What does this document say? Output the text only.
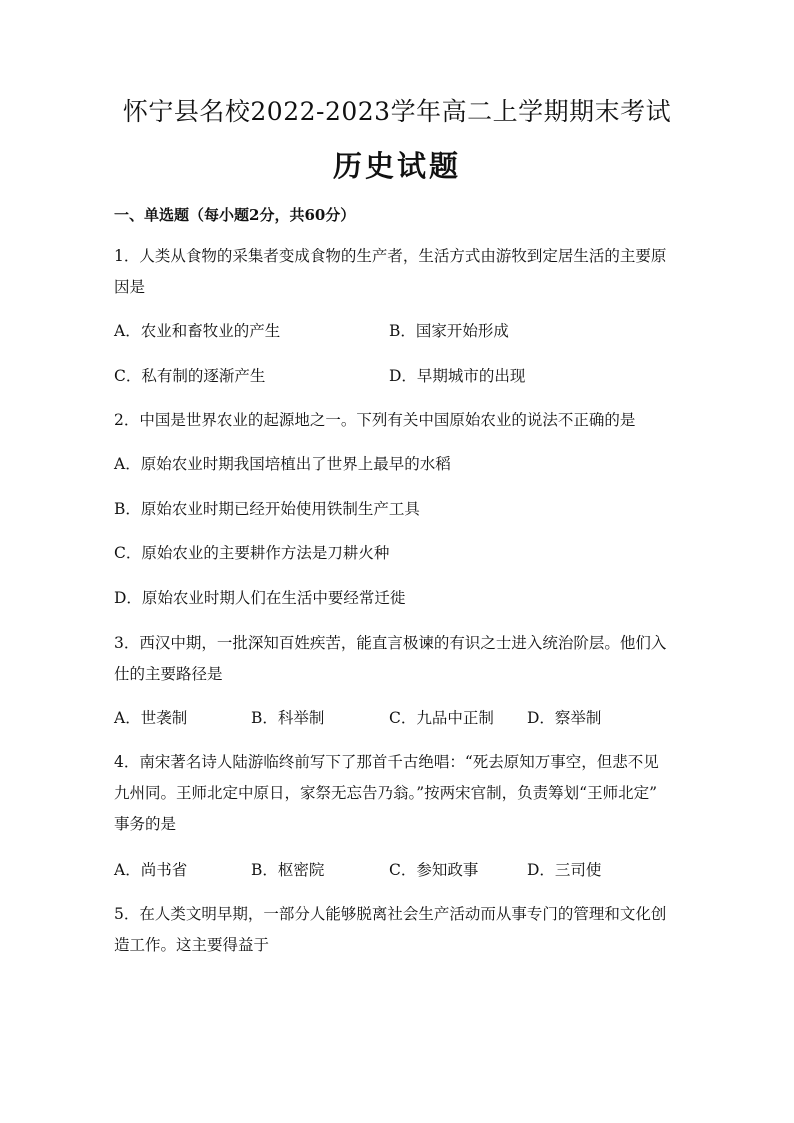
怀宁县名校2022-2023学年高二上学期期末考试
历史试题
一、单选题（每小题2分，共60分）
1．人类从食物的采集者变成食物的生产者，生活方式由游牧到定居生活的主要原
因是
A．农业和畜牧业的产生	B．国家开始形成
C．私有制的逐渐产生	D．早期城市的出现
2．中国是世界农业的起源地之一。下列有关中国原始农业的说法不正确的是
A．原始农业时期我国培植出了世界上最早的水稻
B．原始农业时期已经开始使用铁制生产工具
C．原始农业的主要耕作方法是刀耕火种
D．原始农业时期人们在生活中要经常迁徙
3．西汉中期，一批深知百姓疾苦，能直言极谏的有识之士进入统治阶层。他们入
仕的主要路径是
A．世袭制	B．科举制	C．九品中正制 D．察举制
4．南宋著名诗人陆游临终前写下了那首千古绝唱：“死去原知万事空，但悲不见
九州同。王师北定中原日，家祭无忘告乃翁。”按两宋官制，负责筹划“王师北定”
事务的是
A．尚书省	B．枢密院	C．参知政事	D．三司使
5．在人类文明早期，一部分人能够脱离社会生产活动而从事专门的管理和文化创
造工作。这主要得益于
